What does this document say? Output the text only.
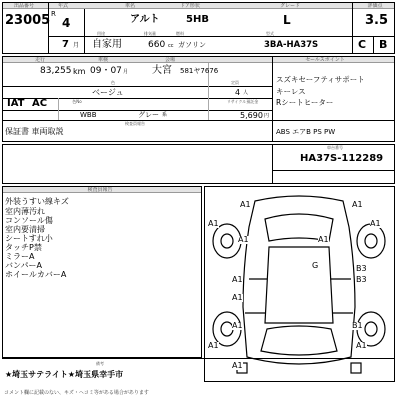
出品番号	年式	車名	ドア形状	グレード	評価点
23005 R
4	アルト	5HB	L	3.5
用途	排気量	燃料	型式
7 月 自家用	660 cc ガソリン	3BA-HA37S	C B
走行	車検	会場	セールスポイント
83,255 km 09・07 月 大宮 581ヤ7676
色	定員
ベージュ	4 人
IAT AC	色No	リサイクル預託金
WBB	グレー 系	5,690 円
検査員報告
保証書 車両取説	ABS エアB PS PW
スズキセーフティサポート
キーレス
Rシートヒーター
車台番号
HA37S-112289
検査員報告
外装うすい線キズ
室内薄汚れ
コンソール傷
室内要清掃
シートすれ小
タッチP禁
ミラーA
バンパーA
ホイールカバーA
備考
★埼玉サテライト★埼玉県幸手市
A1	A1
A1
A1	A1
G
A1
A1
B3
A1
B3
A1
A1	B1
A1
A1
コメント欄に記載のない、キズ・ヘコミ等がある場合があります
